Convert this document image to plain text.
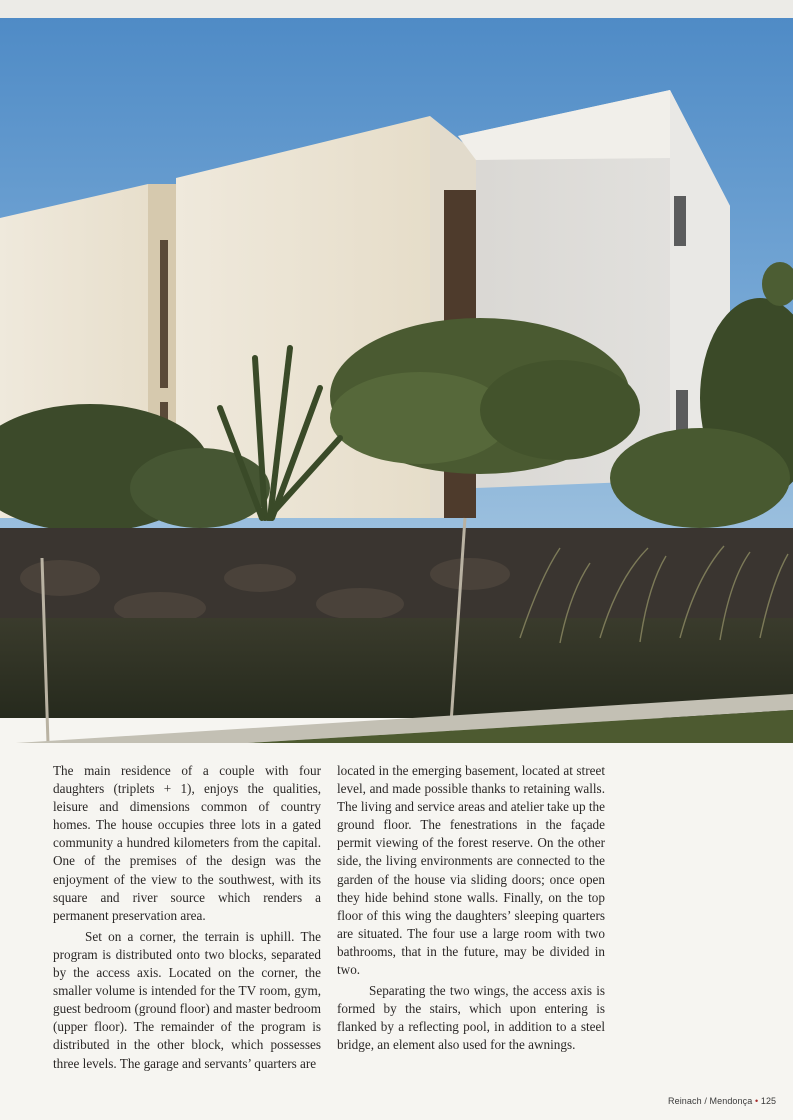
The main residence of a couple with four daughters (triplets + 1), enjoys the qualities, leisure and dimensions common of country homes. The house occupies three lots in a gated community a hundred kilometers from the capital. One of the premises of the design was the enjoyment of the view to the southwest, with its square and river source which renders a permanent preservation area.

Set on a corner, the terrain is uphill. The program is distributed onto two blocks, separated by the access axis. Located on the corner, the smaller volume is intended for the TV room, gym, guest bedroom (ground floor) and master bedroom (upper floor). The remainder of the program is distributed in the other block, which possesses three levels. The garage and servants’ quarters are

located in the emerging basement, located at street level, and made possible thanks to retaining walls. The living and service areas and atelier take up the ground floor. The fenestrations in the façade permit viewing of the forest reserve. On the other side, the living environments are connected to the garden of the house via sliding doors; once open they hide behind stone walls. Finally, on the top floor of this wing the daughters’ sleeping quarters are situated. The four use a large room with two bathrooms, that in the future, may be divided in two.

Separating the two wings, the access axis is formed by the stairs, which upon entering is flanked by a reflecting pool, in addition to a steel bridge, an element also used for the awnings.

Reinach / Mendonça • 125
